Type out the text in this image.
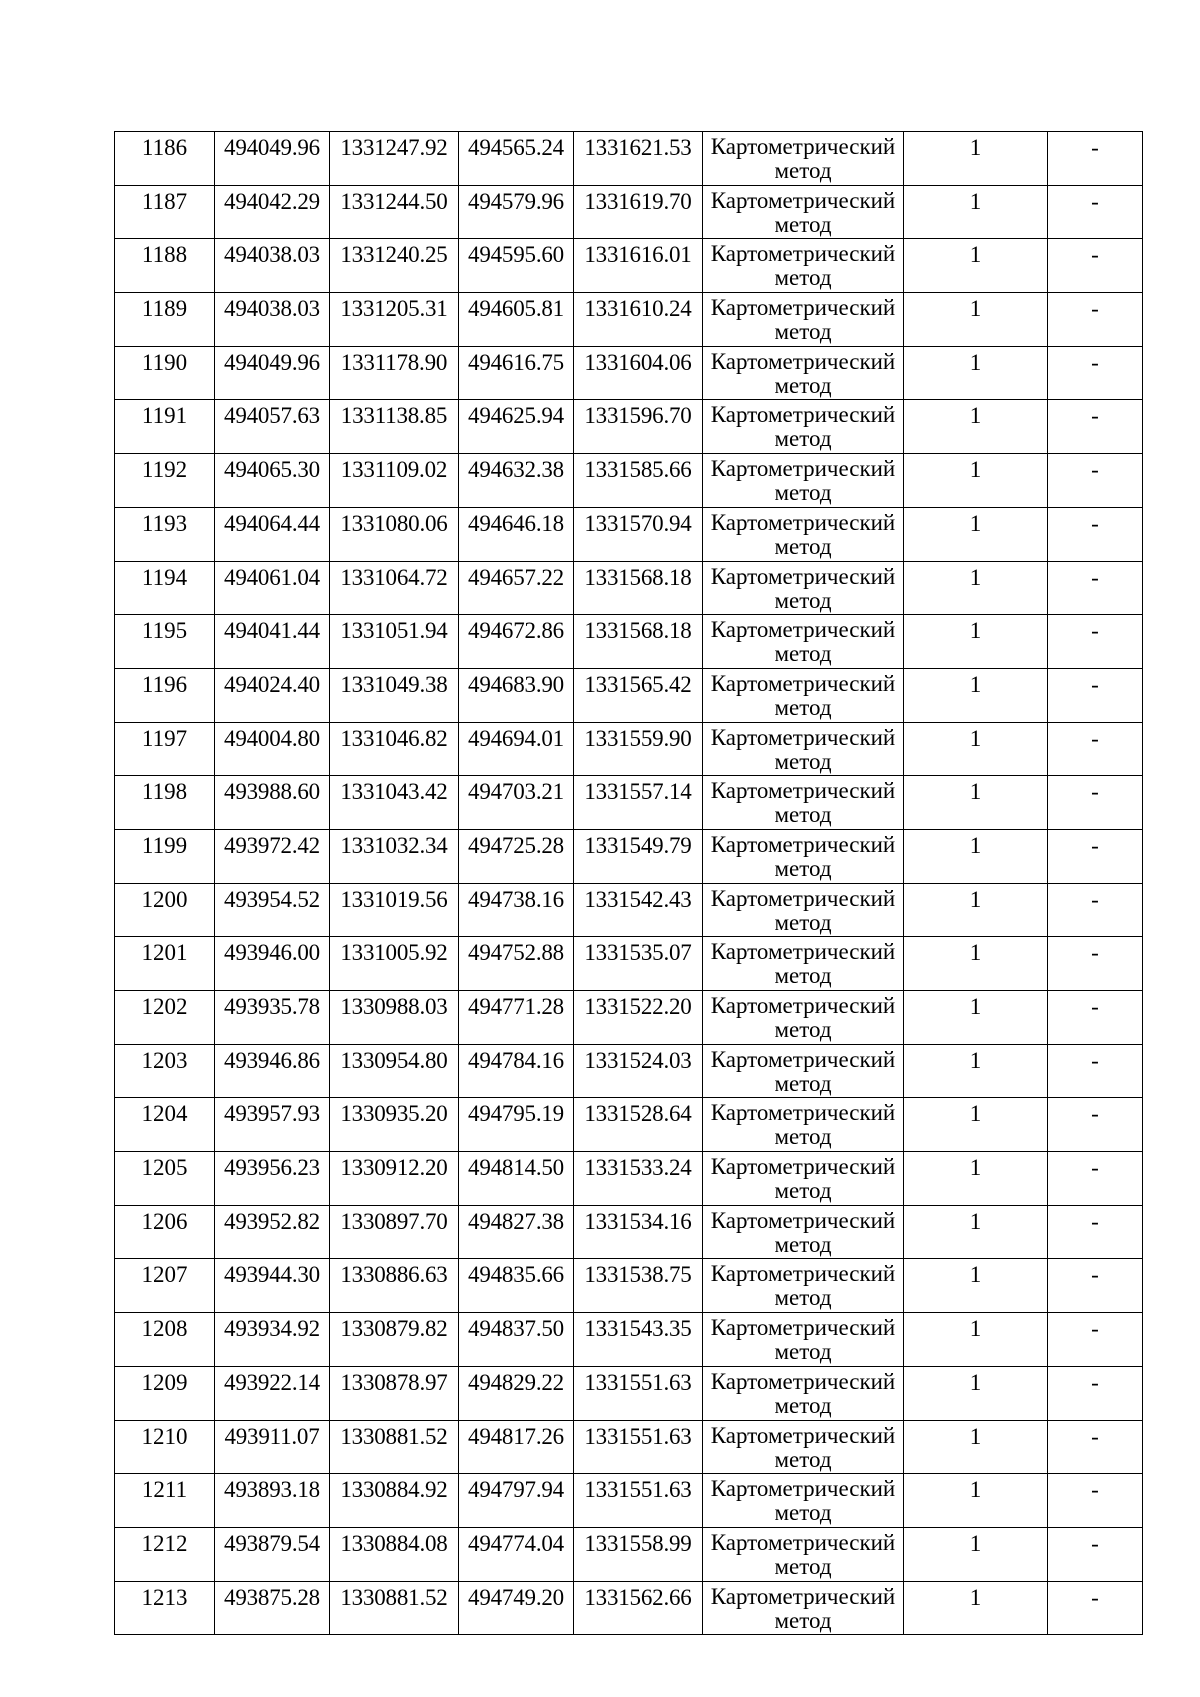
1186	494049.96	1331247.92	494565.24	1331621.53	Картометрический
метод	1	-
1187	494042.29	1331244.50	494579.96	1331619.70	Картометрический
метод	1	-
1188	494038.03	1331240.25	494595.60	1331616.01	Картометрический
метод	1	-
1189	494038.03	1331205.31	494605.81	1331610.24	Картометрический
метод	1	-
1190	494049.96	1331178.90	494616.75	1331604.06	Картометрический
метод	1	-
1191	494057.63	1331138.85	494625.94	1331596.70	Картометрический
метод	1	-
1192	494065.30	1331109.02	494632.38	1331585.66	Картометрический
метод	1	-
1193	494064.44	1331080.06	494646.18	1331570.94	Картометрический
метод	1	-
1194	494061.04	1331064.72	494657.22	1331568.18	Картометрический
метод	1	-
1195	494041.44	1331051.94	494672.86	1331568.18	Картометрический
метод	1	-
1196	494024.40	1331049.38	494683.90	1331565.42	Картометрический
метод	1	-
1197	494004.80	1331046.82	494694.01	1331559.90	Картометрический
метод	1	-
1198	493988.60	1331043.42	494703.21	1331557.14	Картометрический
метод	1	-
1199	493972.42	1331032.34	494725.28	1331549.79	Картометрический
метод	1	-
1200	493954.52	1331019.56	494738.16	1331542.43	Картометрический
метод	1	-
1201	493946.00	1331005.92	494752.88	1331535.07	Картометрический
метод	1	-
1202	493935.78	1330988.03	494771.28	1331522.20	Картометрический
метод	1	-
1203	493946.86	1330954.80	494784.16	1331524.03	Картометрический
метод	1	-
1204	493957.93	1330935.20	494795.19	1331528.64	Картометрический
метод	1	-
1205	493956.23	1330912.20	494814.50	1331533.24	Картометрический
метод	1	-
1206	493952.82	1330897.70	494827.38	1331534.16	Картометрический
метод	1	-
1207	493944.30	1330886.63	494835.66	1331538.75	Картометрический
метод	1	-
1208	493934.92	1330879.82	494837.50	1331543.35	Картометрический
метод	1	-
1209	493922.14	1330878.97	494829.22	1331551.63	Картометрический
метод	1	-
1210	493911.07	1330881.52	494817.26	1331551.63	Картометрический
метод	1	-
1211	493893.18	1330884.92	494797.94	1331551.63	Картометрический
метод	1	-
1212	493879.54	1330884.08	494774.04	1331558.99	Картометрический
метод	1	-
1213	493875.28	1330881.52	494749.20	1331562.66	Картометрический
метод	1	-
